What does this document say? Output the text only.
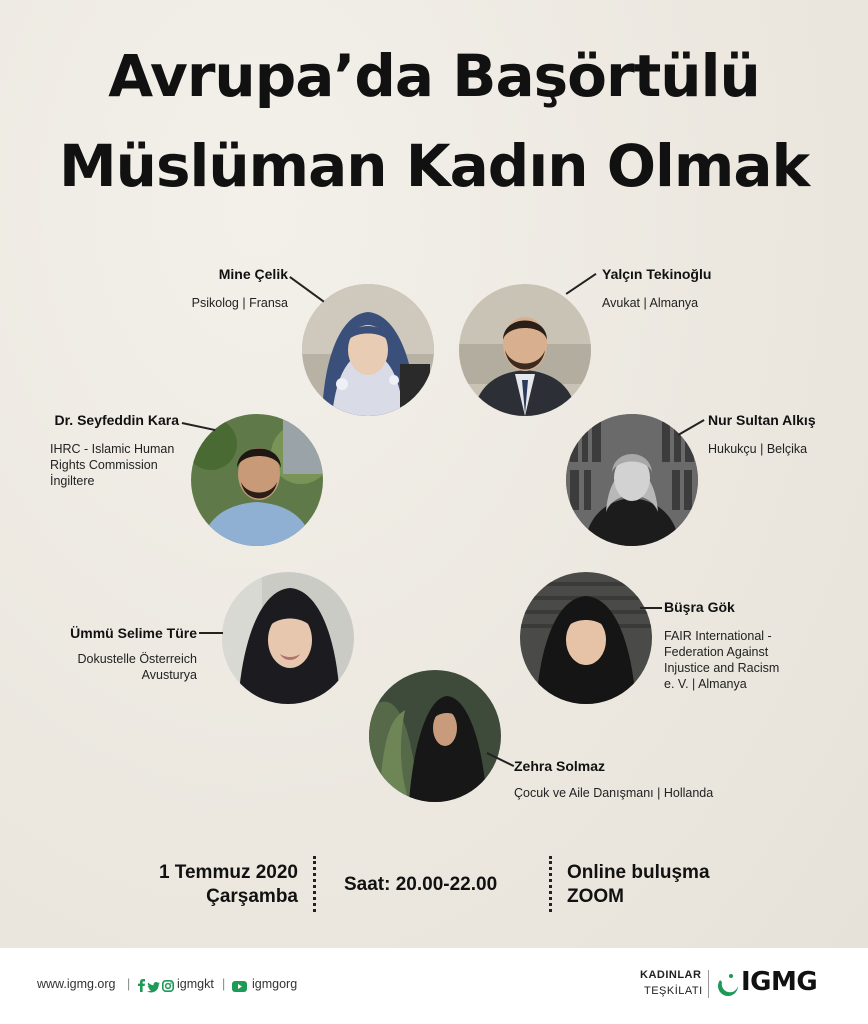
Avrupa’da Başörtülü
Müslüman Kadın Olmak
Mine Çelik
Psikolog | Fransa
Yalçın Tekinoğlu
Avukat | Almanya
Dr. Seyfeddin Kara
IHRC - Islamic Human
Rights Commission
İngiltere
Nur Sultan Alkış
Hukukçu | Belçika
Ümmü Selime Türe
Dokustelle Österreich
Avusturya
Büşra Gök
FAIR International -
Federation Against
Injustice and Racism
e. V. | Almanya
Zehra Solmaz
Çocuk ve Aile Danışmanı | Hollanda
1 Temmuz 2020
Çarşamba
Saat: 20.00-22.00
Online buluşma
ZOOM
www.igmg.org |	igmgkt | igmgorg
KADINLAR
TEŞKİLATI IGMG
